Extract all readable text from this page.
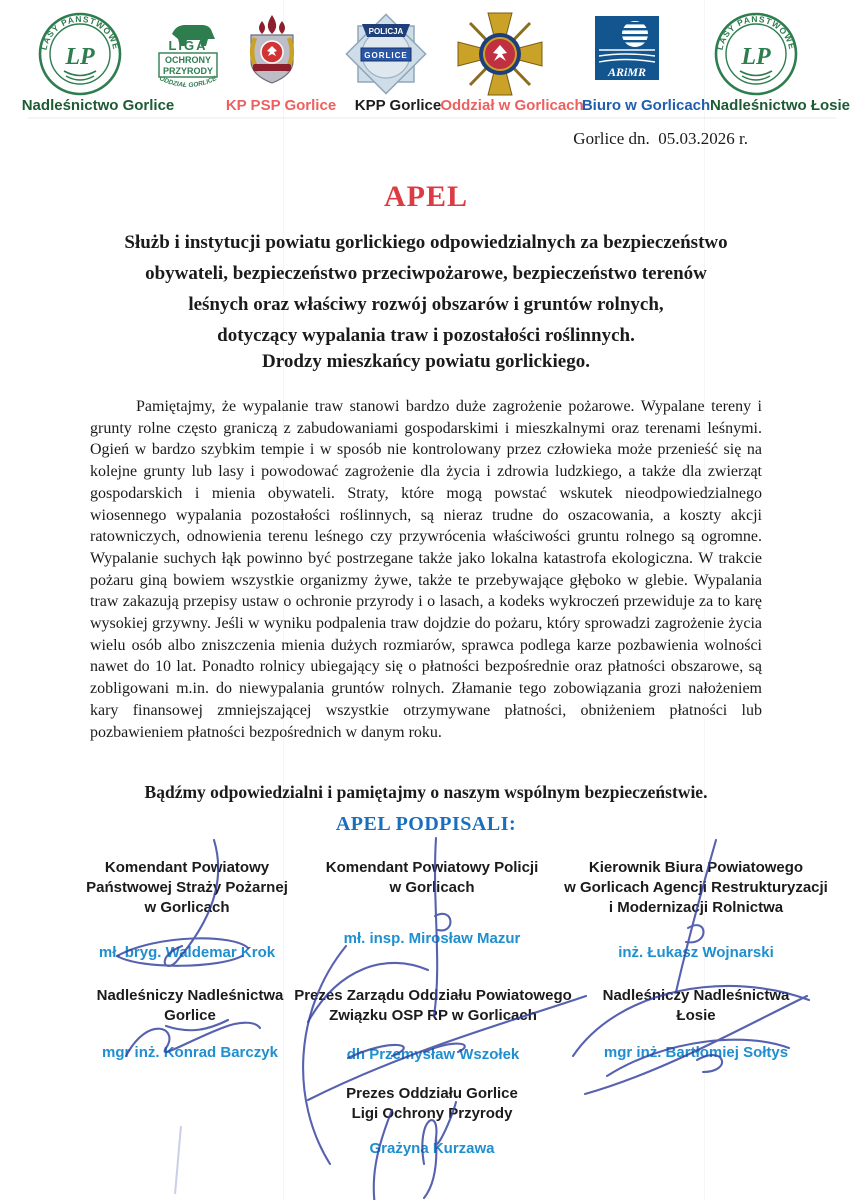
LASY PAŃSTWOWE
LP
Nadleśnictwo Gorlice
LIGA
OCHRONY
PRZYRODY
ODDZIAŁ GORLICE
KP PSP Gorlice
POLICJA
GORLICE
KPP Gorlice Oddział w Gorlicach
ARiMR
Biuro w Gorlicach
LASY PAŃSTWOWE
LP
Nadleśnictwo Łosie
Gorlice dn.  05.03.2026 r.
APEL
Służb i instytucji powiatu gorlickiego odpowiedzialnych za bezpieczeństwo
obywateli, bezpieczeństwo przeciwpożarowe, bezpieczeństwo terenów
leśnych oraz właściwy rozwój obszarów i gruntów rolnych,
dotyczący wypalania traw i pozostałości roślinnych.
Drodzy mieszkańcy powiatu gorlickiego.
Pamiętajmy, że wypalanie traw stanowi bardzo duże zagrożenie pożarowe. Wypalane tereny i grunty rolne często graniczą z zabudowaniami gospodarskimi i mieszkalnymi oraz terenami leśnymi. Ogień w bardzo szybkim tempie i w sposób nie kontrolowany przez człowieka może przenieść się na kolejne grunty lub lasy i powodować zagrożenie dla życia i zdrowia ludzkiego, a także dla zwierząt gospodarskich i mienia obywateli. Straty, które mogą powstać wskutek nieodpowiedzialnego wiosennego wypalania pozostałości roślinnych, są nieraz trudne do oszacowania, a koszty akcji ratowniczych, odnowienia terenu leśnego czy przywrócenia właściwości gruntu rolnego są ogromne. Wypalanie suchych łąk powinno być postrzegane także jako lokalna katastrofa ekologiczna. W trakcie pożaru giną bowiem wszystkie organizmy żywe, także te przebywające głęboko w glebie. Wypalania traw zakazują przepisy ustaw o ochronie przyrody i o lasach, a kodeks wykroczeń przewiduje za to karę wysokiej grzywny. Jeśli w wyniku podpalenia traw dojdzie do pożaru, który sprowadzi zagrożenie życia wielu osób albo zniszczenia mienia dużych rozmiarów, sprawca podlega karze pozbawienia wolności nawet do 10 lat. Ponadto rolnicy ubiegający się o płatności bezpośrednie oraz płatności obszarowe, są zobligowani m.in. do niewypalania gruntów rolnych. Złamanie tego zobowiązania grozi nałożeniem kary finansowej zmniejszającej wszystkie otrzymywane płatności, obniżeniem płatności lub pozbawieniem płatności bezpośrednich w danym roku.
Bądźmy odpowiedzialni i pamiętajmy o naszym wspólnym bezpieczeństwie.
APEL PODPISALI:
Komendant Powiatowy
Państwowej Straży Pożarnej
w Gorlicach
mł. bryg. Waldemar Krok
Komendant Powiatowy Policji
w Gorlicach
mł. insp. Mirosław Mazur
Kierownik Biura Powiatowego
w Gorlicach Agencji Restrukturyzacji
i Modernizacji Rolnictwa
inż. Łukasz Wojnarski
Nadleśniczy Nadleśnictwa
Gorlice
mgr inż. Konrad Barczyk
Prezes Zarządu Oddziału Powiatowego
Związku OSP RP w Gorlicach
dh Przemysław Wszołek
Nadleśniczy Nadleśnictwa
Łosie
mgr inż. Bartłomiej Sołtys
Prezes Oddziału Gorlice
Ligi Ochrony Przyrody
Grażyna Kurzawa
